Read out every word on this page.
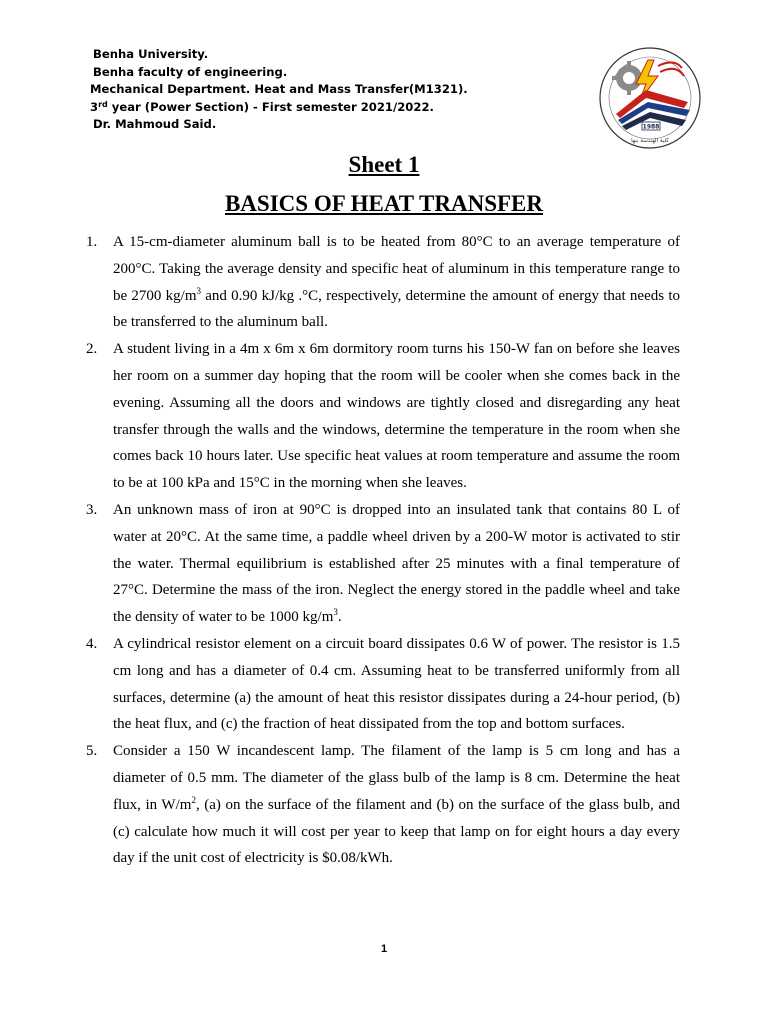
Benha University.
Benha faculty of engineering.
Mechanical Department. Heat and Mass Transfer(M1321).
3rd year (Power Section) - First semester 2021/2022.
Dr. Mahmoud Said.	1988
كلية الهندسة بنها
Sheet 1
BASICS OF HEAT TRANSFER
1. A 15-cm-diameter aluminum ball is to be heated from 80°C to an average temperature of 200°C. Taking the average density and specific heat of aluminum in this temperature range to be 2700 $kg/m^3$ and 0.90 kJ/kg .°C, respectively, determine the amount of energy that needs to be transferred to the aluminum ball.
2. A student living in a 4m x 6m x 6m dormitory room turns his 150-W fan on before she leaves her room on a summer day hoping that the room will be cooler when she comes back in the evening. Assuming all the doors and windows are tightly closed and disregarding any heat transfer through the walls and the windows, determine the temperature in the room when she comes back 10 hours later. Use specific heat values at room temperature and assume the room to be at 100 kPa and 15°C in the morning when she leaves.
3. An unknown mass of iron at 90°C is dropped into an insulated tank that contains 80 L of water at 20°C. At the same time, a paddle wheel driven by a 200-W motor is activated to stir the water. Thermal equilibrium is established after 25 minutes with a final temperature of 27°C. Determine the mass of the iron. Neglect the energy stored in the paddle wheel and take the density of water to be 1000 $kg/m^3$.
4. A cylindrical resistor element on a circuit board dissipates 0.6 W of power. The resistor is 1.5 cm long and has a diameter of 0.4 cm. Assuming heat to be transferred uniformly from all surfaces, determine (a) the amount of heat this resistor dissipates during a 24-hour period, (b) the heat flux, and (c) the fraction of heat dissipated from the top and bottom surfaces.
5. Consider a 150 W incandescent lamp. The filament of the lamp is 5 cm long and has a diameter of 0.5 mm. The diameter of the glass bulb of the lamp is 8 cm. Determine the heat flux, in $W/m^2$, (a) on the surface of the filament and (b) on the surface of the glass bulb, and (c) calculate how much it will cost per year to keep that lamp on for eight hours a day every day if the unit cost of electricity is $0.08/kWh.
1
